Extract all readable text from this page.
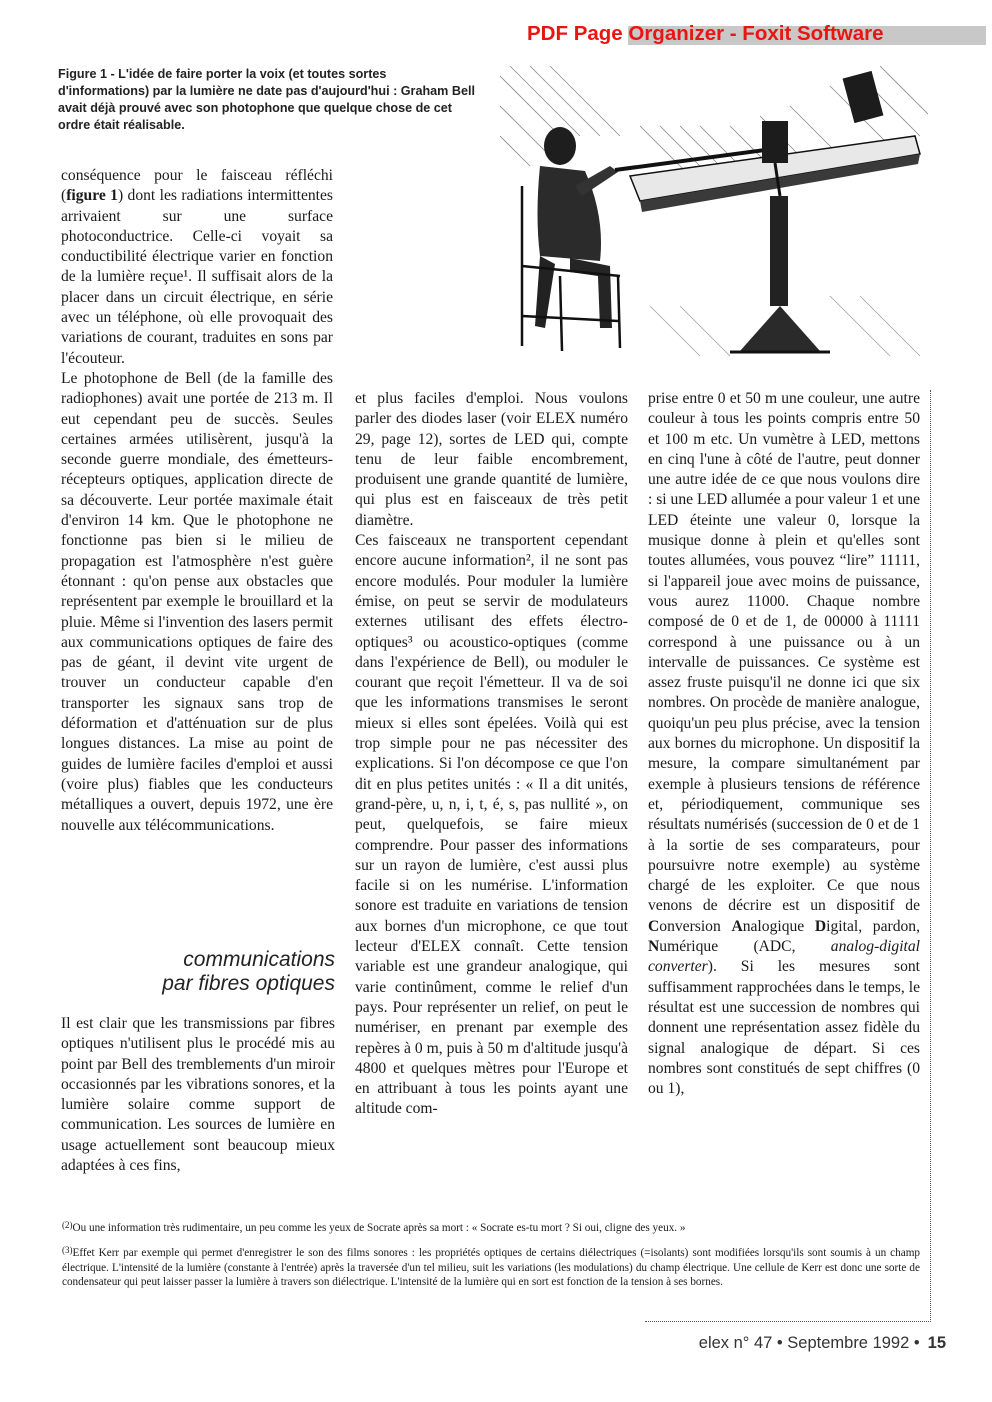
PDF Page Organizer - Foxit Software
Figure 1 - L'idée de faire porter la voix (et toutes sortes d'informations) par la lumière ne date pas d'aujourd'hui : Graham Bell avait déjà prouvé avec son photophone que quelque chose de cet ordre était réalisable.

conséquence pour le faisceau réfléchi (figure 1) dont les radiations intermittentes arrivaient sur une surface photoconductrice. Celle-ci voyait sa conductibilité électrique varier en fonction de la lumière reçue¹. Il suffisait alors de la placer dans un circuit électrique, en série avec un téléphone, où elle provoquait des variations de courant, traduites en sons par l'écouteur.

Le photophone de Bell (de la famille des radiophones) avait une portée de 213 m. Il eut cependant peu de succès. Seules certaines armées utilisèrent, jusqu'à la seconde guerre mondiale, des émetteurs-récepteurs optiques, application directe de sa découverte. Leur portée maximale était d'environ 14 km. Que le photophone ne fonctionne pas bien si le milieu de propagation est l'atmosphère n'est guère étonnant : qu'on pense aux obstacles que représentent par exemple le brouillard et la pluie. Même si l'invention des lasers permit aux communications optiques de faire des pas de géant, il devint vite urgent de trouver un conducteur capable d'en transporter les signaux sans trop de déformation et d'atténuation sur de plus longues distances. La mise au point de guides de lumière faciles d'emploi et aussi (voire plus) fiables que les conducteurs métalliques a ouvert, depuis 1972, une ère nouvelle aux télécommunications.

communications
par fibres optiques

Il est clair que les transmissions par fibres optiques n'utilisent plus le procédé mis au point par Bell des tremblements d'un miroir occasionnés par les vibrations sonores, et la lumière solaire comme support de communication. Les sources de lumière en usage actuellement sont beaucoup mieux adaptées à ces fins,

et plus faciles d'emploi. Nous voulons parler des diodes laser (voir ELEX numéro 29, page 12), sortes de LED qui, compte tenu de leur faible encombrement, produisent une grande quantité de lumière, qui plus est en faisceaux de très petit diamètre.

Ces faisceaux ne transportent cependant encore aucune information², il ne sont pas encore modulés. Pour moduler la lumière émise, on peut se servir de modulateurs externes utilisant des effets électro-optiques³ ou acoustico-optiques (comme dans l'expérience de Bell), ou moduler le courant que reçoit l'émetteur. Il va de soi que les informations transmises le seront mieux si elles sont épelées. Voilà qui est trop simple pour ne pas nécessiter des explications. Si l'on décompose ce que l'on dit en plus petites unités : « Il a dit unités, grand-père, u, n, i, t, é, s, pas nullité », on peut, quelquefois, se faire mieux comprendre. Pour passer des informations sur un rayon de lumière, c'est aussi plus facile si on les numérise. L'information sonore est traduite en variations de tension aux bornes d'un microphone, ce que tout lecteur d'ELEX connaît. Cette tension variable est une grandeur analogique, qui varie continûment, comme le relief d'un pays. Pour représenter un relief, on peut le numériser, en prenant par exemple des repères à 0 m, puis à 50 m d'altitude jusqu'à 4800 et quelques mètres pour l'Europe et en attribuant à tous les points ayant une altitude com-

prise entre 0 et 50 m une couleur, une autre couleur à tous les points compris entre 50 et 100 m etc. Un vumètre à LED, mettons en cinq l'une à côté de l'autre, peut donner une autre idée de ce que nous voulons dire : si une LED allumée a pour valeur 1 et une LED éteinte une valeur 0, lorsque la musique donne à plein et qu'elles sont toutes allumées, vous pouvez “lire” 11111, si l'appareil joue avec moins de puissance, vous aurez 11000. Chaque nombre composé de 0 et de 1, de 00000 à 11111 correspond à une puissance ou à un intervalle de puissances. Ce système est assez fruste puisqu'il ne donne ici que six nombres. On procède de manière analogue, quoiqu'un peu plus précise, avec la tension aux bornes du microphone. Un dispositif la mesure, la compare simultanément par exemple à plusieurs tensions de référence et, périodiquement, communique ses résultats numérisés (succession de 0 et de 1 à la sortie de ses comparateurs, pour poursuivre notre exemple) au système chargé de les exploiter. Ce que nous venons de décrire est un dispositif de Conversion Analogique Digital, pardon, Numérique (ADC, analog-digital converter). Si les mesures sont suffisamment rapprochées dans le temps, le résultat est une succession de nombres qui donnent une représentation assez fidèle du signal analogique de départ. Si ces nombres sont constitués de sept chiffres (0 ou 1),

$^{(2)}$Ou une information très rudimentaire, un peu comme les yeux de Socrate après sa mort : « Socrate es-tu mort ? Si oui, cligne des yeux. »

$^{(3)}$Effet Kerr par exemple qui permet d'enregistrer le son des films sonores : les propriétés optiques de certains diélectriques (=isolants) sont modifiées lorsqu'ils sont soumis à un champ électrique. L'intensité de la lumière (constante à l'entrée) après la traversée d'un tel milieu, suit les variations (les modulations) du champ électrique. Une cellule de Kerr est donc une sorte de condensateur qui peut laisser passer la lumière à travers son diélectrique. L'intensité de la lumière qui en sort est fonction de la tension à ses bornes.

elex n° 47 • Septembre 1992 • 15
